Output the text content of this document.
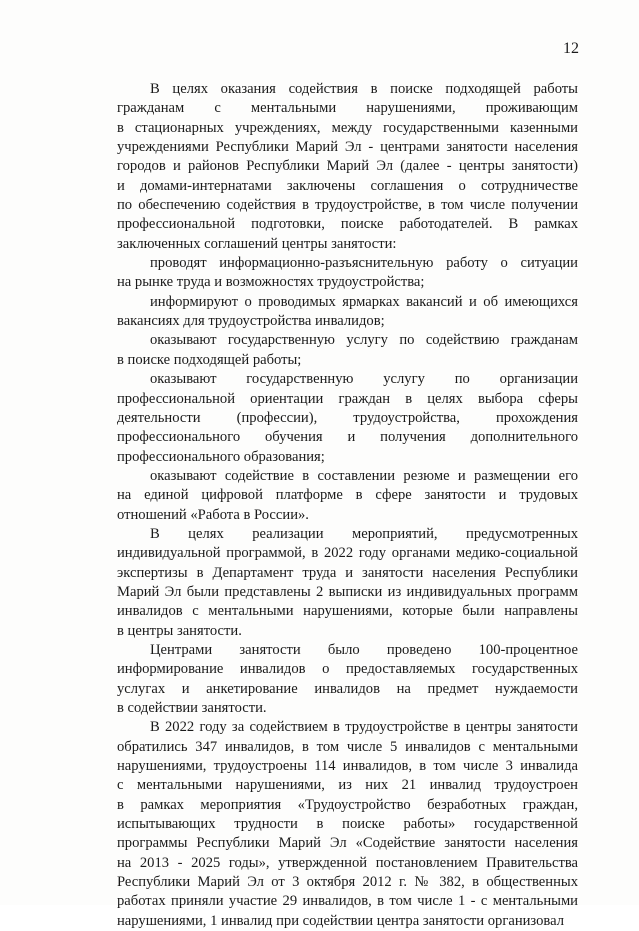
12
В целях оказания содействия в поиске подходящей работы
гражданам с ментальными нарушениями, проживающим
в стационарных учреждениях, между государственными казенными
учреждениями Республики Марий Эл - центрами занятости населения
городов и районов Республики Марий Эл (далее - центры занятости)
и домами-интернатами заключены соглашения о сотрудничестве
по обеспечению содействия в трудоустройстве, в том числе получении
профессиональной подготовки, поиске работодателей. В рамках
заключенных соглашений центры занятости:
проводят информационно-разъяснительную работу о ситуации
на рынке труда и возможностях трудоустройства;
информируют о проводимых ярмарках вакансий и об имеющихся
вакансиях для трудоустройства инвалидов;
оказывают государственную услугу по содействию гражданам
в поиске подходящей работы;
оказывают государственную услугу по организации
профессиональной ориентации граждан в целях выбора сферы
деятельности (профессии), трудоустройства, прохождения
профессионального обучения и получения дополнительного
профессионального образования;
оказывают содействие в составлении резюме и размещении его
на единой цифровой платформе в сфере занятости и трудовых
отношений «Работа в России».
В целях реализации мероприятий, предусмотренных
индивидуальной программой, в 2022 году органами медико-социальной
экспертизы в Департамент труда и занятости населения Республики
Марий Эл были представлены 2 выписки из индивидуальных программ
инвалидов с ментальными нарушениями, которые были направлены
в центры занятости.
Центрами занятости было проведено 100-процентное
информирование инвалидов о предоставляемых государственных
услугах и анкетирование инвалидов на предмет нуждаемости
в содействии занятости.
В 2022 году за содействием в трудоустройстве в центры занятости
обратились 347 инвалидов, в том числе 5 инвалидов с ментальными
нарушениями, трудоустроены 114 инвалидов, в том числе 3 инвалида
с ментальными нарушениями, из них 21 инвалид трудоустроен
в рамках мероприятия «Трудоустройство безработных граждан,
испытывающих трудности в поиске работы» государственной
программы Республики Марий Эл «Содействие занятости населения
на 2013 - 2025 годы», утвержденной постановлением Правительства
Республики Марий Эл от 3 октября 2012 г. № 382, в общественных
работах приняли участие 29 инвалидов, в том числе 1 - с ментальными
нарушениями, 1 инвалид при содействии центра занятости организовал
